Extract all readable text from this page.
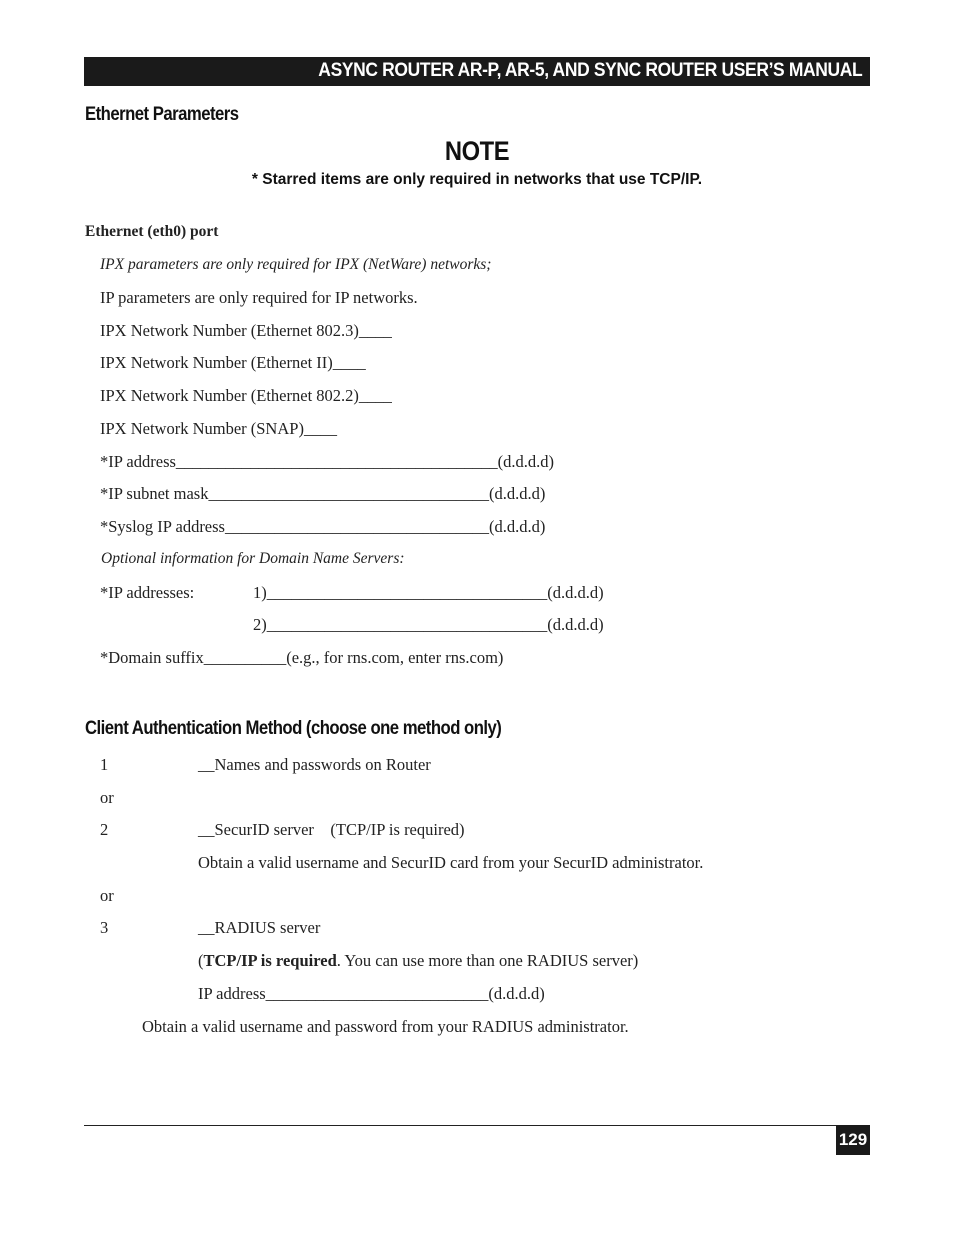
ASYNC ROUTER AR-P, AR-5, AND SYNC ROUTER USER’S MANUAL
Ethernet Parameters
NOTE
* Starred items are only required in networks that use TCP/IP.
Ethernet (eth0) port
IPX parameters are only required for IPX (NetWare) networks;
IP parameters are only required for IP networks.
IPX Network Number (Ethernet 802.3)____
IPX Network Number (Ethernet II)____
IPX Network Number (Ethernet 802.2)____
IPX Network Number (SNAP)____
*IP address_______________________________________(d.d.d.d)
*IP subnet mask__________________________________(d.d.d.d)
*Syslog IP address________________________________(d.d.d.d)
Optional information for Domain Name Servers:
*IP addresses:	1)__________________________________(d.d.d.d)
2)__________________________________(d.d.d.d)
*Domain suffix__________(e.g., for rns.com, enter rns.com)
Client Authentication Method (choose one method only)
1	__Names and passwords on Router
or
2	__SecurID server    (TCP/IP is required)
Obtain a valid username and SecurID card from your SecurID administrator.
or
3	__RADIUS server
(TCP/IP is required. You can use more than one RADIUS server)
IP address___________________________(d.d.d.d)
Obtain a valid username and password from your RADIUS administrator.
129
